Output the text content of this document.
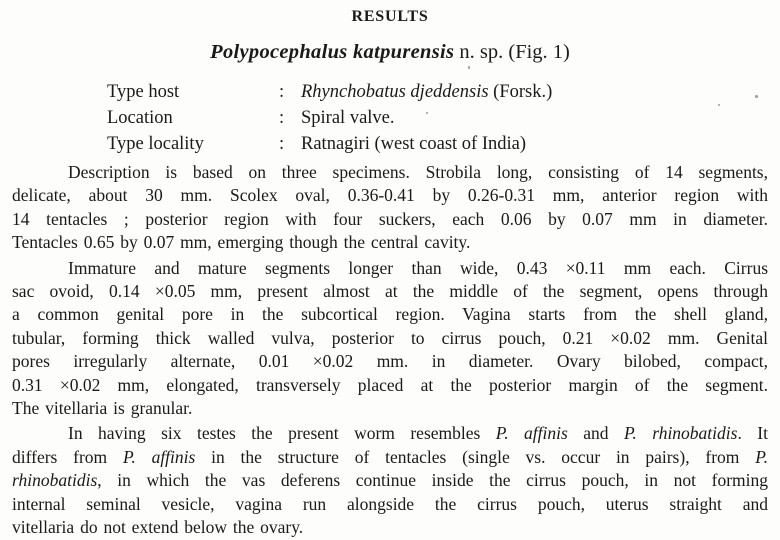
RESULTS
Polypocephalus katpurensis n. sp. (Fig. 1)
Type host	: Rhynchobatus djeddensis (Forsk.)
Location	: Spiral valve.
Type locality	: Ratnagiri (west coast of India)
Description is based on three specimens. Strobila long, consisting of 14 segments,
delicate, about 30 mm. Scolex oval, 0.36-0.41 by 0.26-0.31 mm, anterior region with
14 tentacles ; posterior region with four suckers, each 0.06 by 0.07 mm in diameter.
Tentacles 0.65 by 0.07 mm, emerging though the central cavity.
Immature and mature segments longer than wide, 0.43 ×0.11 mm each. Cirrus
sac ovoid, 0.14 ×0.05 mm, present almost at the middle of the segment, opens through
a common genital pore in the subcortical region. Vagina starts from the shell gland,
tubular, forming thick walled vulva, posterior to cirrus pouch, 0.21 ×0.02 mm. Genital
pores irregularly alternate, 0.01 ×0.02 mm. in diameter. Ovary bilobed, compact,
0.31 ×0.02 mm, elongated, transversely placed at the posterior margin of the segment.
The vitellaria is granular.
In having six testes the present worm resembles P. affinis and P. rhinobatidis. It
differs from P. affinis in the structure of tentacles (single vs. occur in pairs), from P.
rhinobatidis, in which the vas deferens continue inside the cirrus pouch, in not forming
internal seminal vesicle, vagina run alongside the cirrus pouch, uterus straight and
vitellaria do not extend below the ovary.
